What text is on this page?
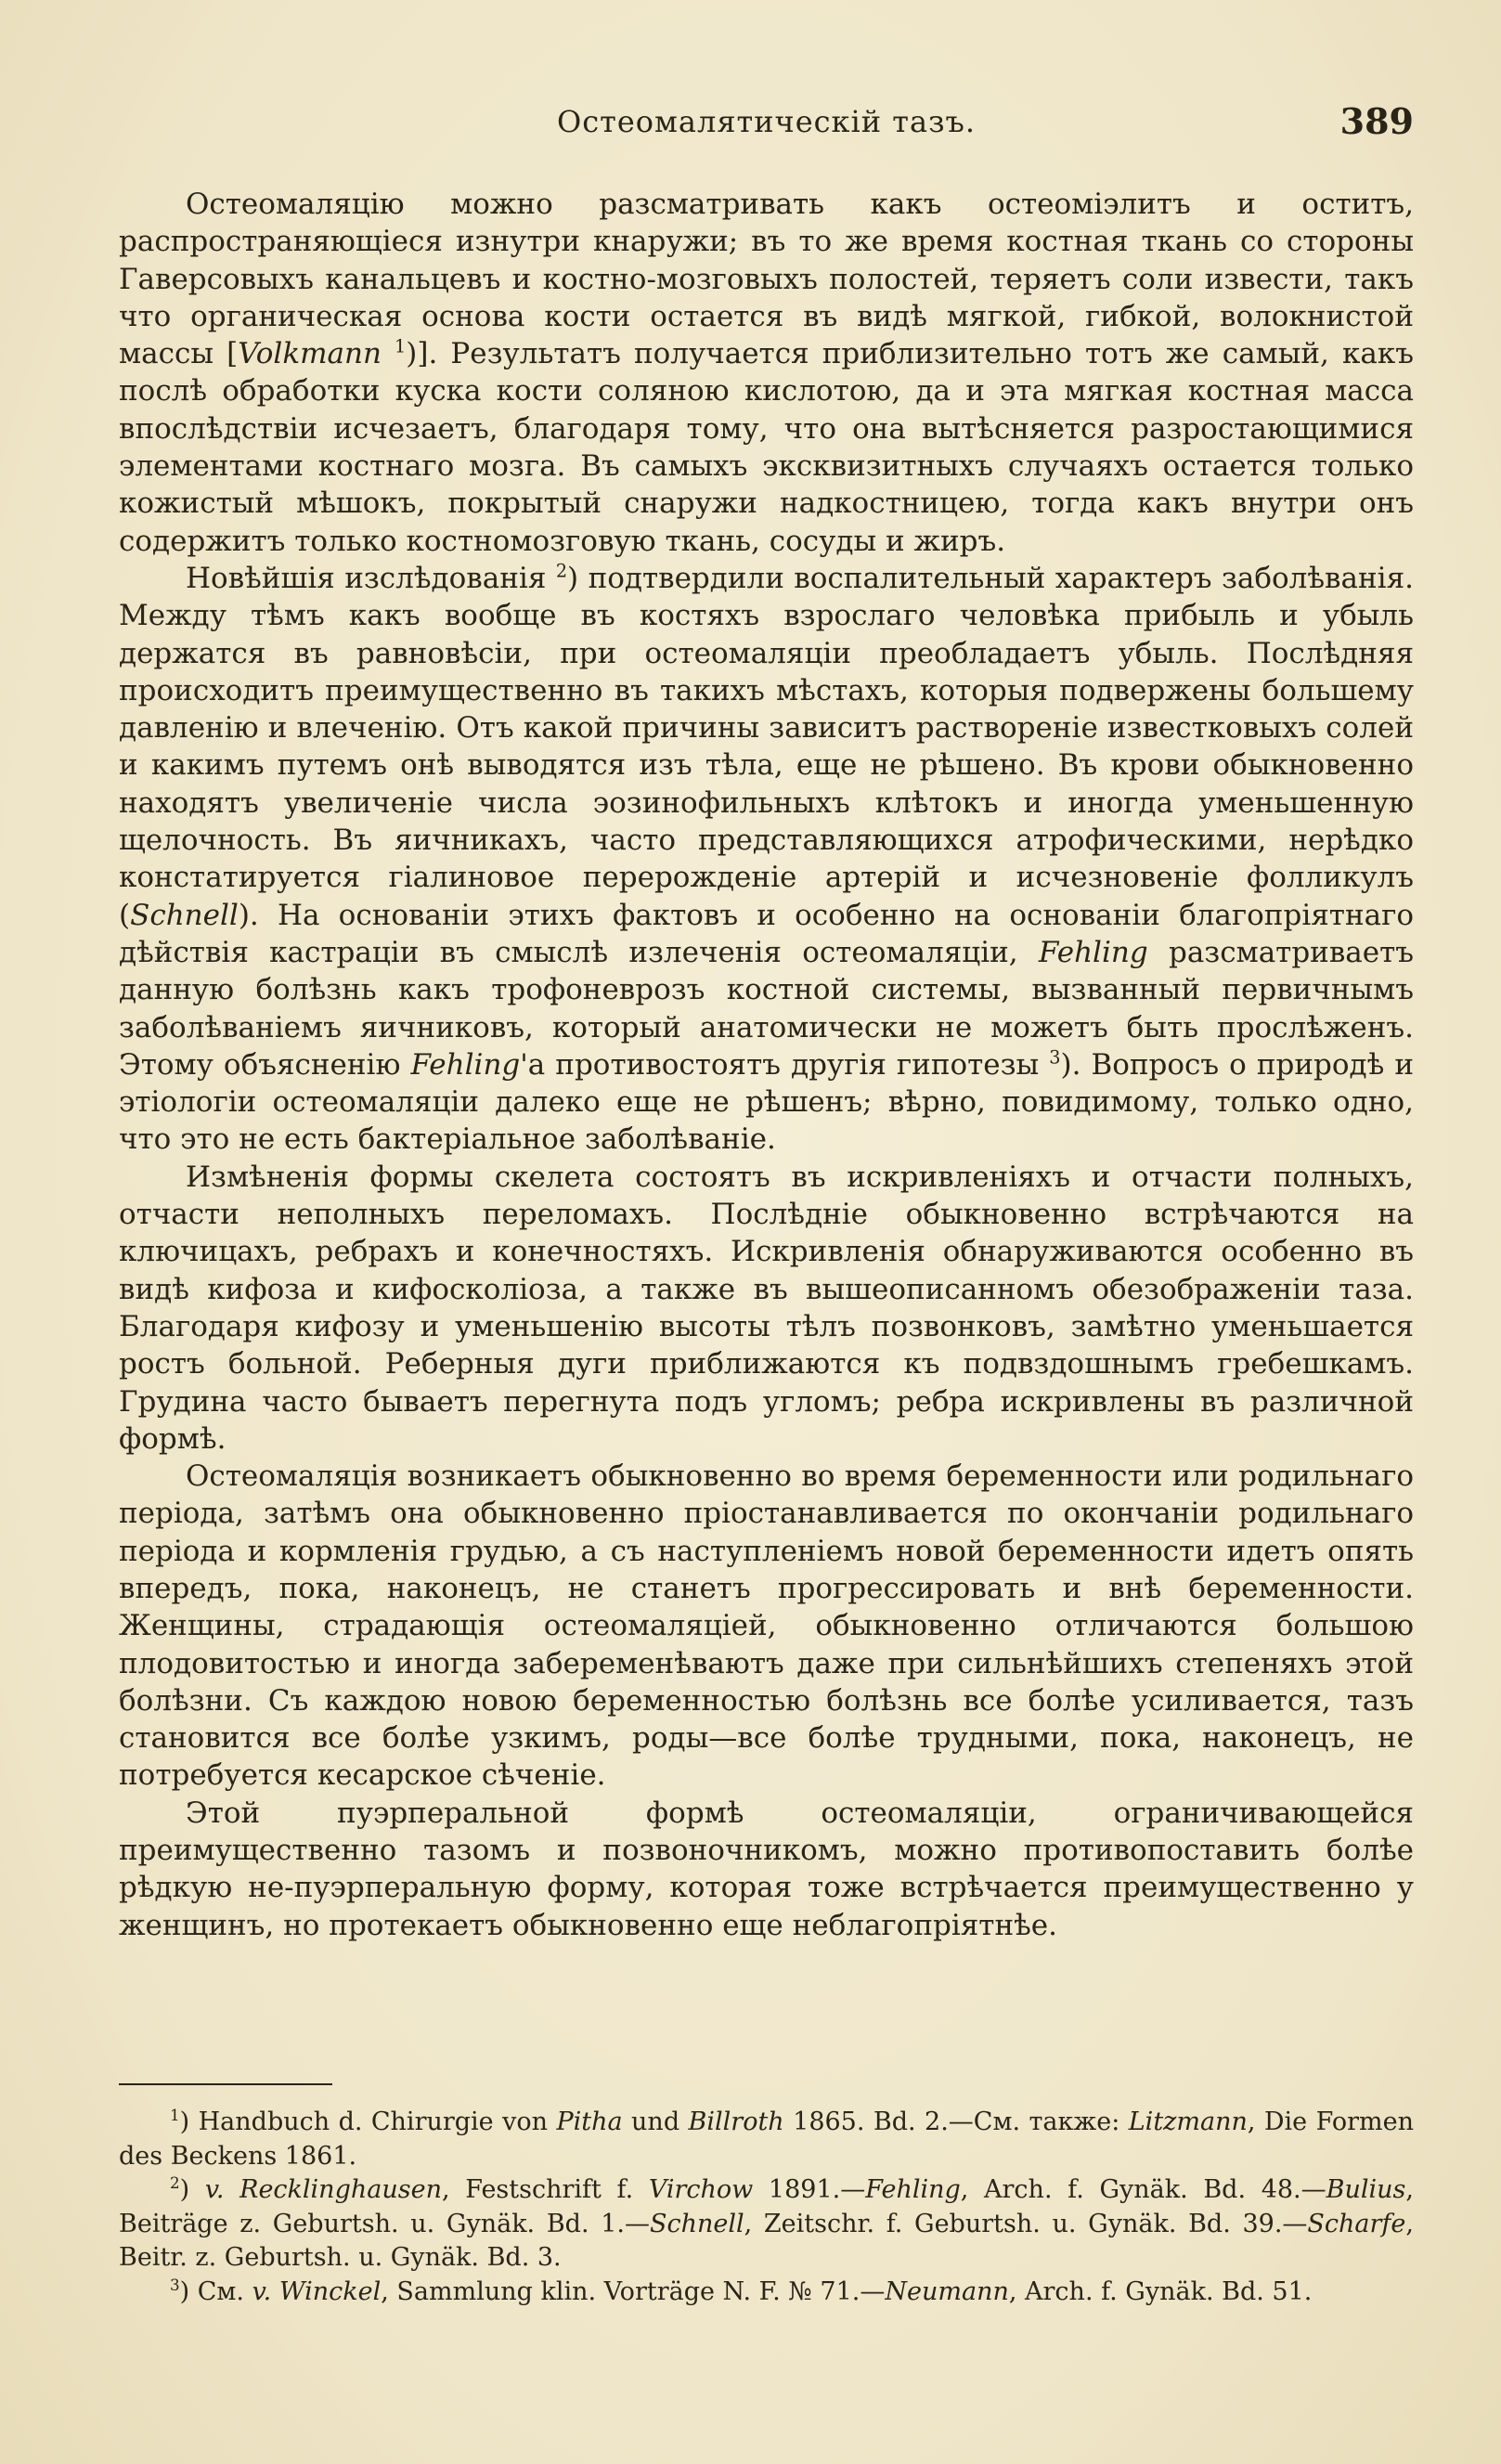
Остеомалятическій тазъ.	389

Остеомаляцію можно разсматривать какъ остеоміэлитъ и оститъ, распространяющіеся изнутри кнаружи; въ то же время костная ткань со стороны Гаверсовыхъ канальцевъ и костно-мозговыхъ полостей, теряетъ соли извести, такъ что органическая основа кости остается въ видѣ мягкой, гибкой, волокнистой массы [Volkmann $^1$)]. Результатъ получается приблизительно тотъ же самый, какъ послѣ обработки куска кости соляною кислотою, да и эта мягкая костная масса впослѣдствіи исчезаетъ, благодаря тому, что она вытѣсняется разростающимися элементами костнаго мозга. Въ самыхъ экcквизитныхъ случаяхъ остается только кожистый мѣшокъ, покрытый снаружи надкостницею, тогда какъ внутри онъ содержитъ только костномозговую ткань, сосуды и жиръ.

Новѣйшія изслѣдованія $^2$) подтвердили воспалительный характеръ заболѣванія. Между тѣмъ какъ вообще въ костяхъ взрослаго человѣка прибыль и убыль держатся въ равновѣсіи, при остеомаляціи преобладаетъ убыль. Послѣдняя происходитъ преимущественно въ такихъ мѣстахъ, которыя подвержены большему давленію и влеченію. Отъ какой причины зависитъ раствореніе известковыхъ солей и какимъ путемъ онѣ выводятся изъ тѣла, еще не рѣшено. Въ крови обыкновенно находятъ увеличеніе числа эозинофильныхъ клѣтокъ и иногда уменьшенную щелочность. Въ яичникахъ, часто представляющихся атрофическими, нерѣдко констатируется гіалиновое перерожденіе артерій и исчезновеніе фолликулъ (Schnell). На основаніи этихъ фактовъ и особенно на основаніи благопріятнаго дѣйствія кастраціи въ смыслѣ излеченія остеомаляціи, Fehling разсматриваетъ данную болѣзнь какъ трофоневрозъ костной системы, вызванный первичнымъ заболѣваніемъ яичниковъ, который анатомически не можетъ быть прослѣженъ. Этому объясненію Fehling'а противостоятъ другія гипотезы $^3$). Вопросъ о природѣ и этіологіи остеомаляціи далеко еще не рѣшенъ; вѣрно, повидимому, только одно, что это не есть бактеріальное заболѣваніе.

Измѣненія формы скелета состоятъ въ искривленіяхъ и отчасти полныхъ, отчасти неполныхъ переломахъ. Послѣдніе обыкновенно встрѣчаются на ключицахъ, ребрахъ и конечностяхъ. Искривленія обнаруживаются особенно въ видѣ кифоза и кифосколіоза, а также въ вышеописанномъ обезображеніи таза. Благодаря кифозу и уменьшенію высоты тѣлъ позвонковъ, замѣтно уменьшается ростъ больной. Реберныя дуги приближаются къ подвздошнымъ гребешкамъ. Грудина часто бываетъ перегнута подъ угломъ; ребра искривлены въ различной формѣ.

Остеомаляція возникаетъ обыкновенно во время беременности или родильнаго періода, затѣмъ она обыкновенно пріостанавливается по окончаніи родильнаго періода и кормленія грудью, а съ наступленіемъ новой беременности идетъ опять впередъ, пока, наконецъ, не станетъ прогрессировать и внѣ беременности. Женщины, страдающія остеомаляціей, обыкновенно отличаются большою плодовитостью и иногда забеременѣваютъ даже при сильнѣйшихъ степеняхъ этой болѣзни. Съ каждою новою беременностью болѣзнь все болѣе усиливается, тазъ становится все болѣе узкимъ, роды—все болѣе трудными, пока, наконецъ, не потребуется кесарское сѣченіе.

Этой пуэрперальной формѣ остеомаляціи, ограничивающейся преимущественно тазомъ и позвоночникомъ, можно противопоставить болѣе рѣдкую не-пуэрперальную форму, которая тоже встрѣчается преимущественно у женщинъ, но протекаетъ обыкновенно еще неблагопріятнѣе.

$^1$) Handbuch d. Chirurgie von Pitha und Billroth 1865. Bd. 2.—См. также: Litzmann, Die Formen des Beckens 1861.

$^2$) v. Recklinghausen, Festschrift f. Virchow 1891.—Fehling, Arch. f. Gynäk. Bd. 48.—Bulius, Beiträge z. Geburtsh. u. Gynäk. Bd. 1.—Schnell, Zeitschr. f. Geburtsh. u. Gynäk. Bd. 39.—Scharfe, Beitr. z. Geburtsh. u. Gynäk. Bd. 3.

$^3$) См. v. Winckel, Sammlung klin. Vorträge N. F. № 71.—Neumann, Arch. f. Gynäk. Bd. 51.
